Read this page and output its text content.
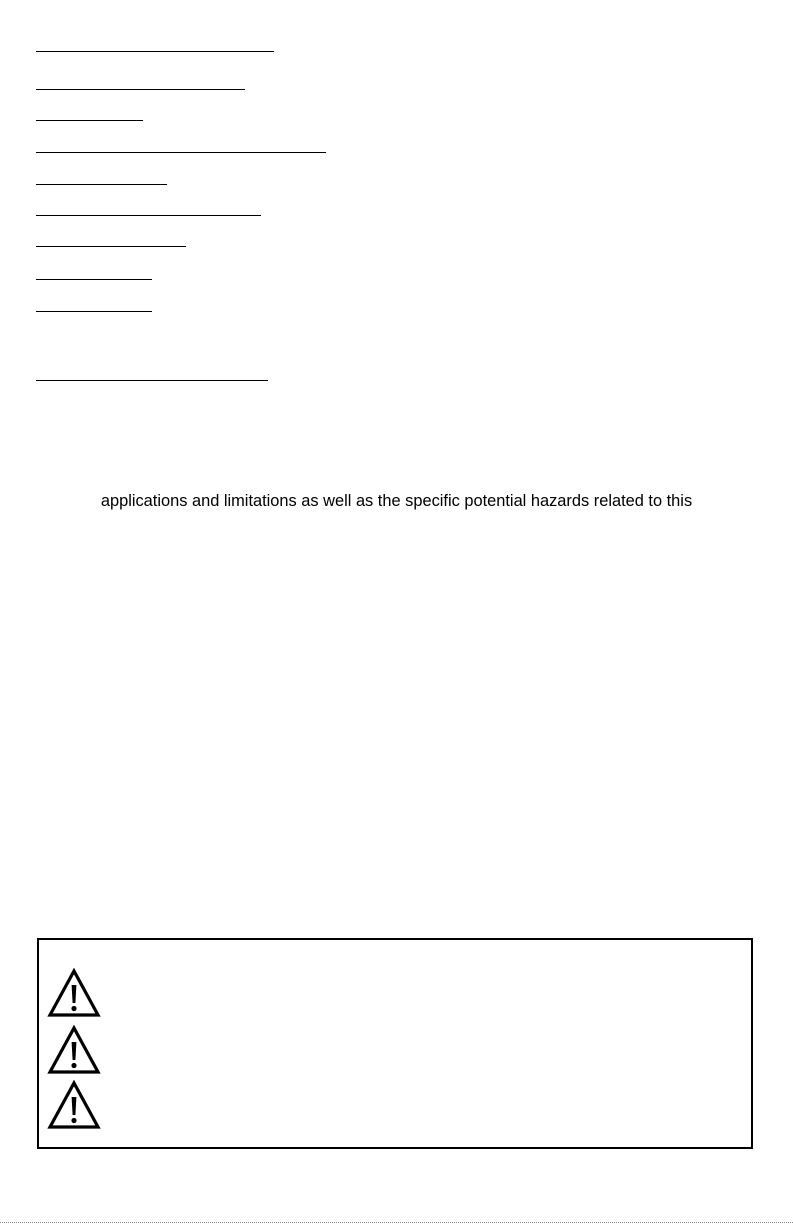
applications and limitations as well as the specific potential hazards related to this
